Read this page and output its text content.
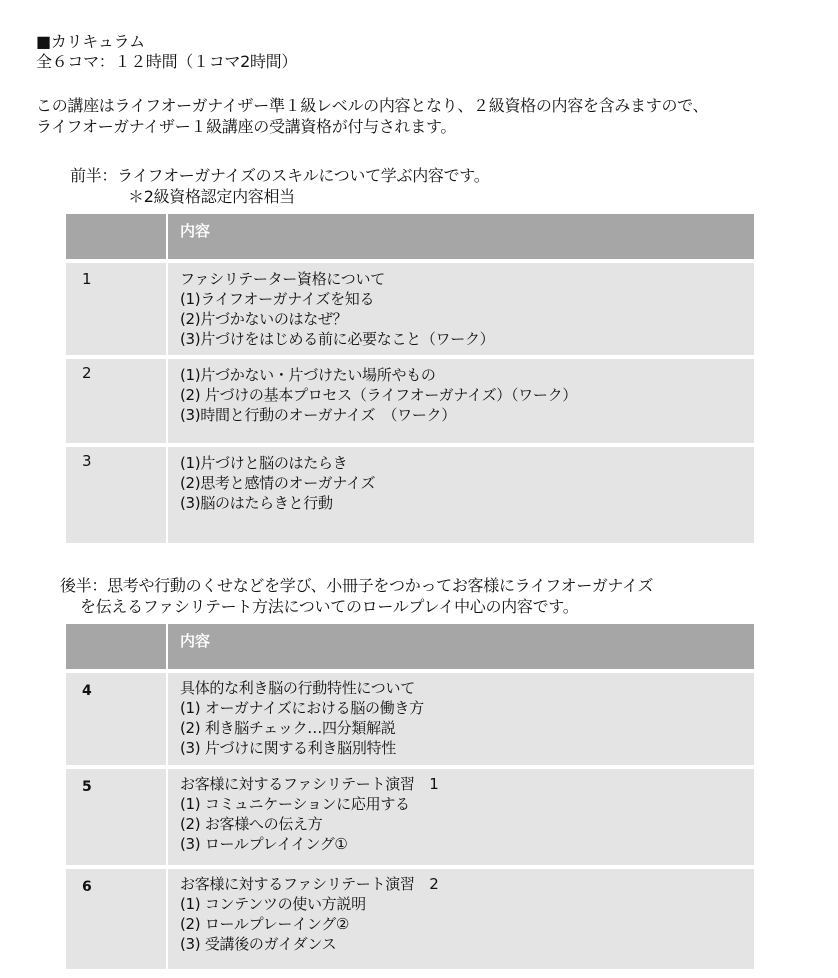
■カリキュラム
全６コマ：１２時間（１コマ2時間）
この講座はライフオーガナイザー準１級レベルの内容となり、２級資格の内容を含みますので、
ライフオーガナイザー１級講座の受講資格が付与されます。
前半：ライフオーガナイズのスキルについて学ぶ内容です。
＊2級資格認定内容相当
	内容
1	ファシリテーター資格について
(1)ライフオーガナイズを知る
(2)片づかないのはなぜ？
(3)片づけをはじめる前に必要なこと（ワーク）

2	(1)片づかない・片づけたい場所やもの
(2) 片づけの基本プロセス（ライフオーガナイズ）（ワーク）
(3)時間と行動のオーガナイズ　（ワーク）

3	(1)片づけと脳のはたらき
(2)思考と感情のオーガナイズ
(3)脳のはたらきと行動
後半：思考や行動のくせなどを学び、小冊子をつかってお客様にライフオーガナイズ
を伝えるファシリテート方法についてのロールプレイ中心の内容です。
	内容
4	具体的な利き脳の行動特性について
(1) オーガナイズにおける脳の働き方
(2) 利き脳チェック…四分類解説
(3) 片づけに関する利き脳別特性

5	お客様に対するファシリテート演習　1
(1) コミュニケーションに応用する
(2) お客様への伝え方
(3) ロールプレイイング①

6	お客様に対するファシリテート演習　2
(1) コンテンツの使い方説明
(2) ロールプレーイング②
(3) 受講後のガイダンス
